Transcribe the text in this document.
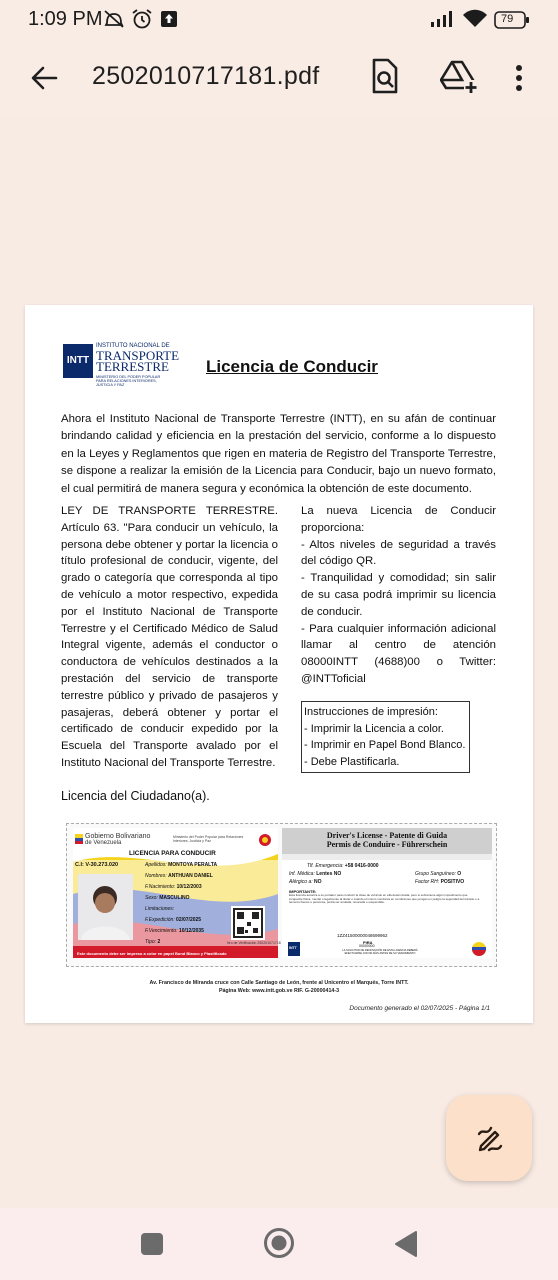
1:09 PM	79
2502010717181.pdf
INTT
INSTITUTO NACIONAL DE
TRANSPORTE
TERRESTRE
MINISTERIO DEL PODER POPULAR PARA RELACIONES INTERIORES, JUSTICIA Y PAZ
Licencia de Conducir
Ahora el Instituto Nacional de Transporte Terrestre (INTT), en su afán de continuar brindando calidad y eficiencia en la prestación del servicio, conforme a lo dispuesto en la Leyes y Reglamentos que rigen en materia de Registro del Transporte Terrestre, se dispone a realizar la emisión de la Licencia para Conducir, bajo un nuevo formato, el cual permitirá de manera segura y económica la obtención de este documento.
LEY DE TRANSPORTE TERRESTRE. Artículo 63. "Para conducir un vehículo, la persona debe obtener y portar la licencia o título profesional de conducir, vigente, del grado o categoría que corresponda al tipo de vehículo a motor respectivo, expedida por el Instituto Nacional de Transporte Terrestre y el Certificado Médico de Salud Integral vigente, además el conductor o conductora de vehículos destinados a la prestación del servicio de transporte terrestre público y privado de pasajeros y pasajeras, deberá obtener y portar el certificado de conducir expedido por la Escuela del Transporte avalado por el Instituto Nacional del Transporte Terrestre.

La nueva Licencia de Conducir proporciona:

- Altos niveles de seguridad a través del código QR.

- Tranquilidad y comodidad; sin salir de su casa podrá imprimir su licencia de conducir.

- Para cualquier información adicional llamar al centro de atención 08000INTT (4688)00 o Twitter: @INTToficial

Instrucciones de impresión:
- Imprimir la Licencia a color.
- Imprimir en Papel Bond Blanco.
- Debe Plastificarla.
Licencia del Ciudadano(a).
Gobierno Bolivariano
de Venezuela
Ministerio del Poder Popular para Relaciones Interiores, Justicia y Paz
LICENCIA PARA CONDUCIR
C.I: V-30.273.020	Apellidos: MONTOYA PERALTA
Nombres: ANTHUAN DANIEL
F.Nacimiento: 10/12/2003
Sexo: MASCULINO
Limitaciones:
F.Expedición: 02/07/2025
F.Vencimiento: 10/12/2035
Tipo: 2	Nro de Verificación 250201071718
Este documento debe ser impreso a color en papel Bond Blanco y Plastificado
Driver's License - Patente di Guida
Permis de Conduire - Führerschein
Tlf. Emergencia: +58 0416-0000
Inf. Médica: Lentes NO
Alérgico a: NO
Grupo Sanguíneo: O
Factor RH: POSITIVO
IMPORTANTE:
Esta licencia autoriza a su portador para conducir la clase de vehículo en ella determinada, pero si sobreviene algún impedimento que incapacite física, mental o legalmente al titular o cuando el mismo conduzca en condiciones que pongan en peligro la seguridad del tránsito o a terceros bienes o personas, podrá ser anulada, revocada o suspendida.
1ZZ41500000048699962
PIRA
00000000
LA SOLICITUD DE RENOVACIÓN DE ESTA LICENCIA DEBERÁ EFECTUARSE CON 90 DÍAS ANTES DE SU VENCIMIENTO
INTT
Av. Francisco de Miranda cruce con Calle Santiago de León, frente al Unicentro el Marqués, Torre INTT.
Página Web: www.intt.gob.ve RIF. G-20000414-3
Documento generado el 02/07/2025 - Página 1/1
